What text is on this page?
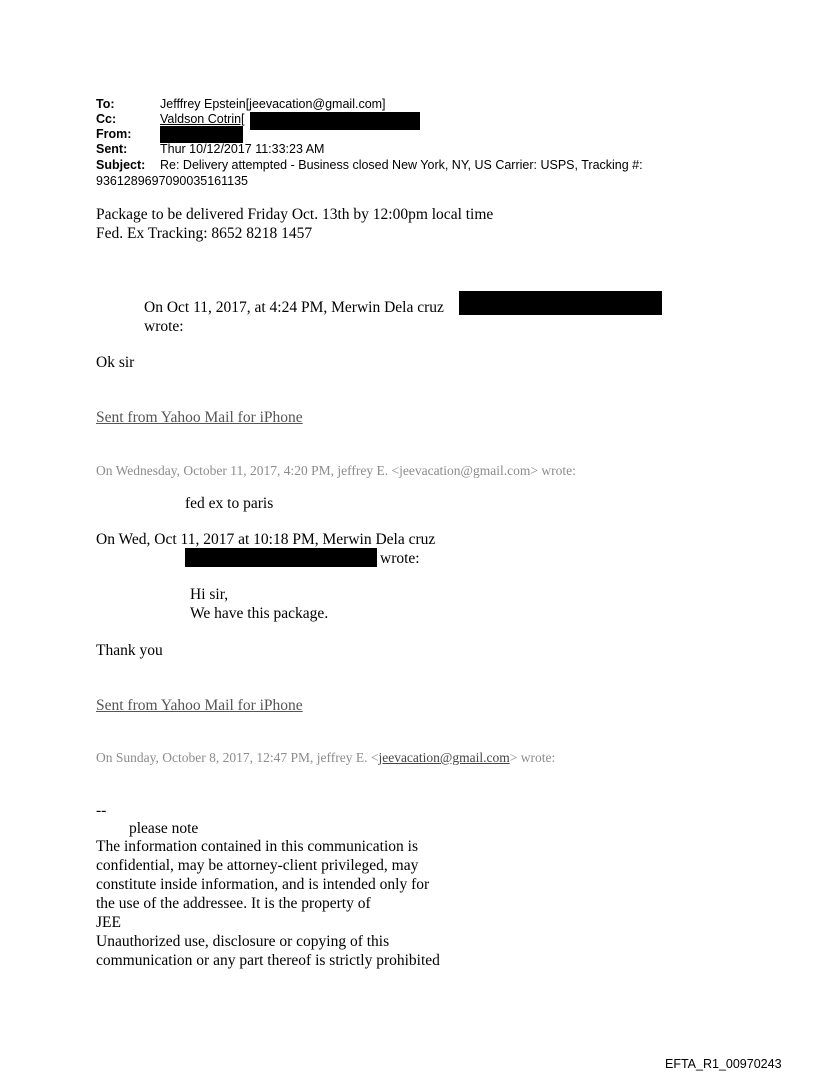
To:	Jefffrey Epstein[jeevacation@gmail.com]
Cc:	Valdson Cotrin[
From:
Sent:	Thur 10/12/2017 11:33:23 AM
Subject: Re: Delivery attempted - Business closed New York, NY, US Carrier: USPS, Tracking #:
9361289697090035161135
Package to be delivered Friday Oct. 13th by 12:00pm local time
Fed. Ex Tracking: 8652 8218 1457
On Oct 11, 2017, at 4:24 PM, Merwin Dela cruz
wrote:
Ok sir
Sent from Yahoo Mail for iPhone
On Wednesday, October 11, 2017, 4:20 PM, jeffrey E. <jeevacation@gmail.com> wrote:
fed ex to paris
On Wed, Oct 11, 2017 at 10:18 PM, Merwin Dela cruz
wrote:
Hi sir,
We have this package.
Thank you
Sent from Yahoo Mail for iPhone
On Sunday, October 8, 2017, 12:47 PM, jeffrey E. <jeevacation@gmail.com> wrote:
--
please note
The information contained in this communication is
confidential, may be attorney-client privileged, may
constitute inside information, and is intended only for
the use of the addressee. It is the property of
JEE
Unauthorized use, disclosure or copying of this
communication or any part thereof is strictly prohibited
EFTA_R1_00970243
